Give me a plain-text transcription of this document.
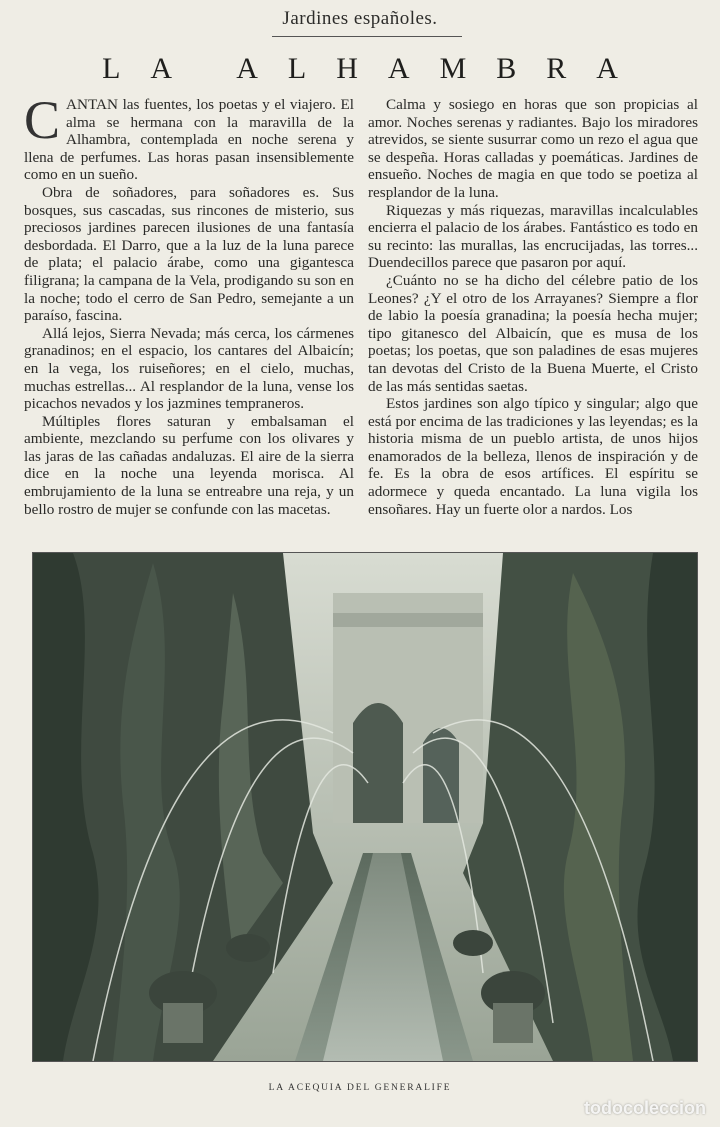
Jardines españoles.
LA ALHAMBRA

CANTAN las fuentes, los poetas y el viajero. El alma se hermana con la maravilla de la Alhambra, contemplada en noche serena y llena de perfumes. Las horas pasan insensiblemente como en un sueño.

Obra de soñadores, para soñadores es. Sus bosques, sus cascadas, sus rincones de misterio, sus preciosos jardines parecen ilusiones de una fantasía desbordada. El Darro, que a la luz de la luna parece de plata; el palacio árabe, como una gigantesca filigrana; la campana de la Vela, prodigando su son en la noche; todo el cerro de San Pedro, semejante a un paraíso, fascina.

Allá lejos, Sierra Nevada; más cerca, los cármenes granadinos; en el espacio, los cantares del Albaicín; en la vega, los ruiseñores; en el cielo, muchas, muchas estrellas... Al resplandor de la luna, vense los picachos nevados y los jazmines tempraneros.

Múltiples flores saturan y embalsaman el ambiente, mezclando su perfume con los olivares y las jaras de las cañadas andaluzas. El aire de la sierra dice en la noche una leyenda morisca. Al embrujamiento de la luna se entreabre una reja, y un bello rostro de mujer se confunde con las macetas.

Calma y sosiego en horas que son propicias al amor. Noches serenas y radiantes. Bajo los miradores atrevidos, se siente susurrar como un rezo el agua que se despeña. Horas calladas y poemáticas. Jardines de ensueño. Noches de magia en que todo se poetiza al resplandor de la luna.

Riquezas y más riquezas, maravillas incalculables encierra el palacio de los árabes. Fantástico es todo en su recinto: las murallas, las encrucijadas, las torres... Duendecillos parece que pasaron por aquí.

¿Cuánto no se ha dicho del célebre patio de los Leones? ¿Y el otro de los Arrayanes? Siempre a flor de labio la poesía granadina; la poesía hecha mujer; tipo gitanesco del Albaicín, que es musa de los poetas; los poetas, que son paladines de esas mujeres tan devotas del Cristo de la Buena Muerte, el Cristo de las más sentidas saetas.

Estos jardines son algo típico y singular; algo que está por encima de las tradiciones y las leyendas; es la historia misma de un pueblo artista, de unos hijos enamorados de la belleza, llenos de inspiración y de fe. Es la obra de esos artífices. El espíritu se adormece y queda encantado. La luna vigila los ensoñares. Hay un fuerte olor a nardos. Los

LA ACEQUIA DEL GENERALIFE
todocoleccion
